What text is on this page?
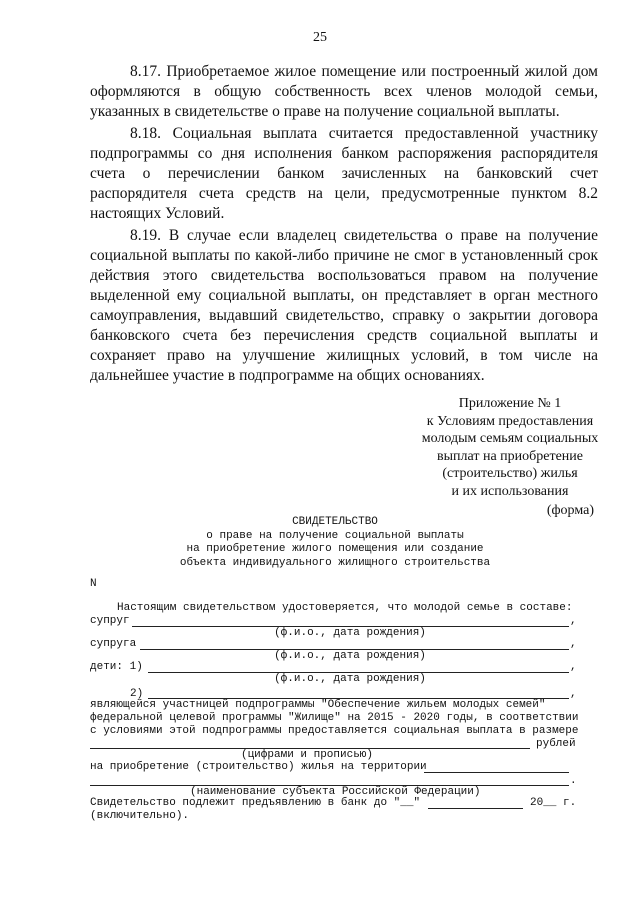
25

8.17. Приобретаемое жилое помещение или построенный жилой дом оформляются в общую собственность всех членов молодой семьи, указанных в свидетельстве о праве на получение социальной выплаты.

8.18. Социальная выплата считается предоставленной участнику подпрограммы со дня исполнения банком распоряжения распорядителя счета о перечислении банком зачисленных на банковский счет распорядителя счета средств на цели, предусмотренные пунктом 8.2 настоящих Условий.

8.19. В случае если владелец свидетельства о праве на получение социальной выплаты по какой-либо причине не смог в установленный срок действия этого свидетельства воспользоваться правом на получение выделенной ему социальной выплаты, он представляет в орган местного самоуправления, выдавший свидетельство, справку о закрытии договора банковского счета без перечисления средств социальной выплаты и сохраняет право на улучшение жилищных условий, в том числе на дальнейшее участие в подпрограмме на общих основаниях.

Приложение № 1
к Условиям предоставления
молодым семьям социальных
выплат на приобретение
(строительство) жилья
и их использования
(форма)
СВИДЕТЕЛЬСТВО
о праве на получение социальной выплаты
на приобретение жилого помещения или создание
объекта индивидуального жилищного строительства
N
Настоящим свидетельством удостоверяется, что молодой семье в составе:
супруг	,
(ф.и.о., дата рождения)
супруга	,
(ф.и.о., дата рождения)
дети: 1)	,
(ф.и.о., дата рождения)
2)	,
являющейся участницей подпрограммы "Обеспечение жильем молодых семей"
федеральной целевой программы "Жилище" на 2015 - 2020 годы, в соответствии
с условиями этой подпрограммы предоставляется социальная выплата в размере
рублей
(цифрами и прописью)
на приобретение (строительство) жилья на территории
.
(наименование субъекта Российской Федерации)
Свидетельство подлежит предъявлению в банк до "__"	20__ г.
(включительно).
